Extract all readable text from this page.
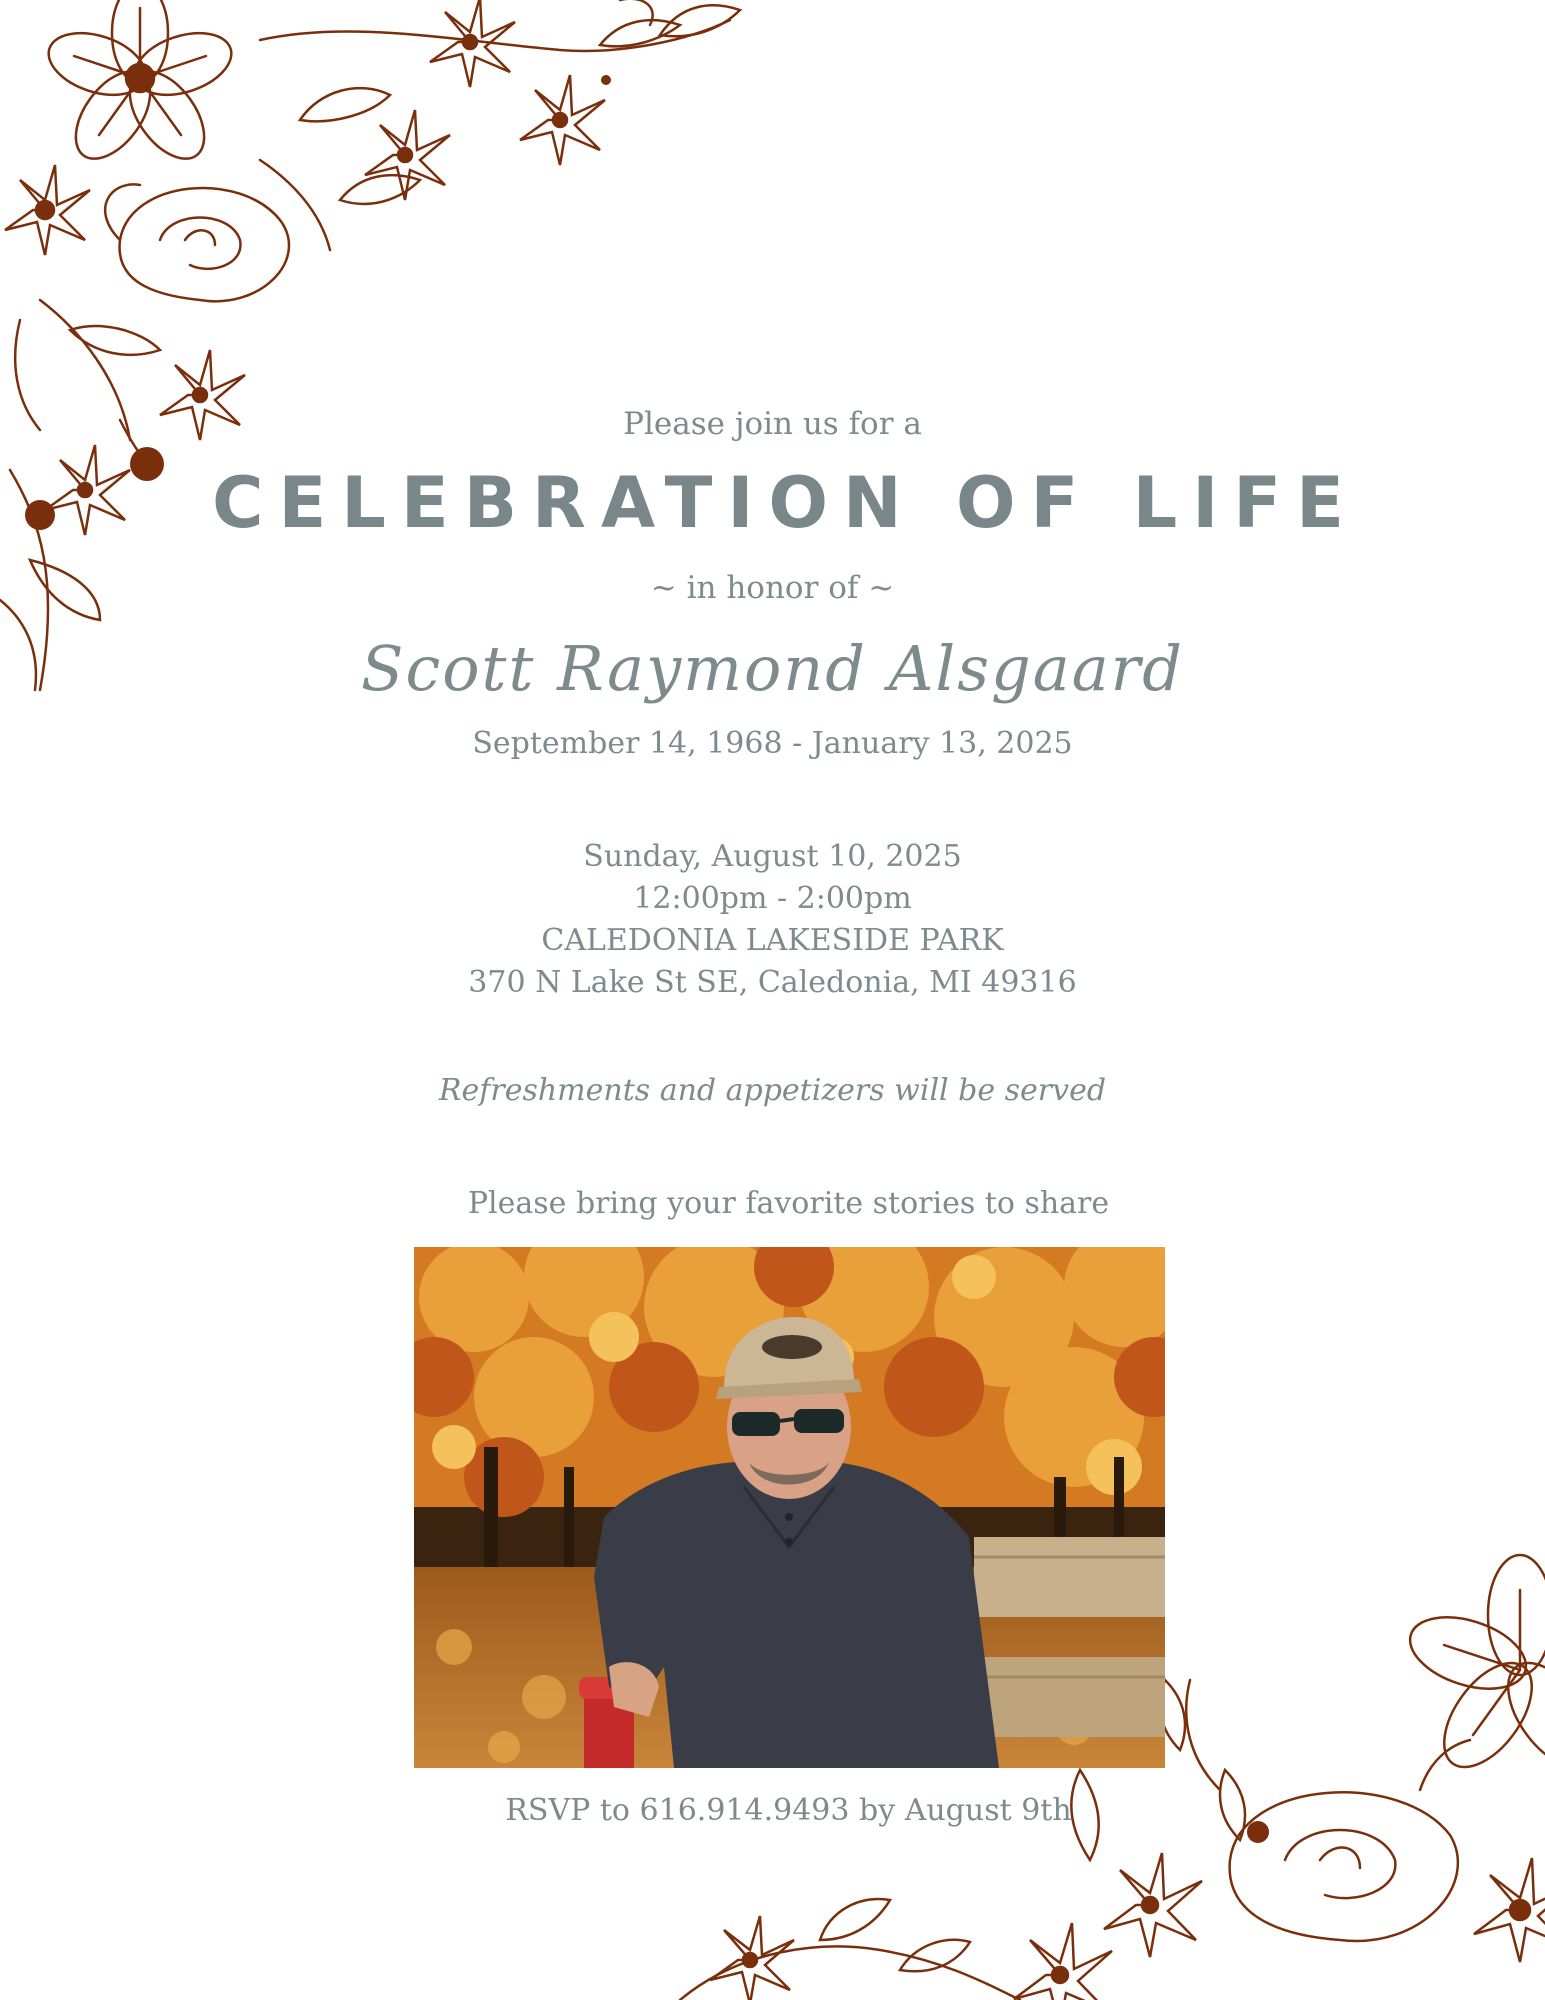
Please join us for a
CELEBRATION OF LIFE
~ in honor of ~
Scott Raymond Alsgaard
September 14, 1968 - January 13, 2025
Sunday, August 10, 2025
12:00pm - 2:00pm
CALEDONIA LAKESIDE PARK
370 N Lake St SE, Caledonia, MI 49316
Refreshments and appetizers will be served
Please bring your favorite stories to share
RSVP to 616.914.9493 by August 9th
